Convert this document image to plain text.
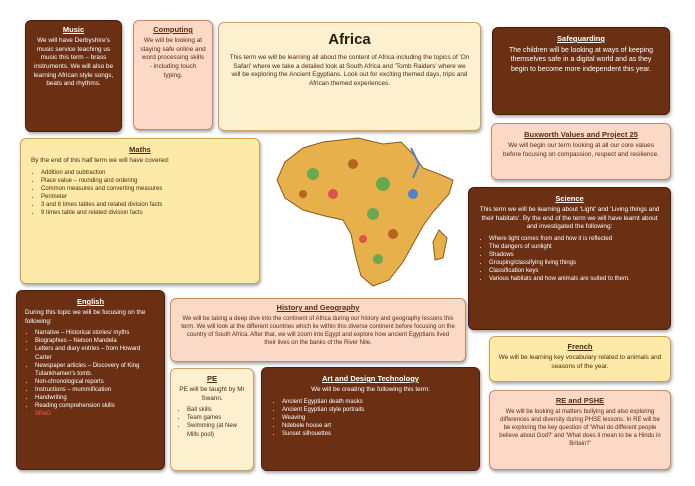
Music
We will have Derbyshire's music service teaching us music this term – brass instruments. We will also be learning African style songs, beats and rhythms.
Computing
We will be looking at staying safe online and word processing skills - including touch typing.
Africa
This term we will be learning all about the content of Africa including the topics of 'On Safari' where we take a detailed look at South Africa and 'Tomb Raiders' where we will be exploring the Ancient Egyptians. Look out for exciting themed days, trips and African themed experiences.
Safeguarding
The children will be looking at ways of keeping themselves safe in a digital world and as they begin to become more independent this year.
Buxworth Values and Project 25
We will begin our term looking at all our core values before focusing on compassion, respect and resilience.
Maths
By the end of this half term we will have covered:
• Addition and subtraction
• Place value – rounding and ordering
• Common measures and converting measures
• Perimeter
• 3 and 6 times tables and related division facts
• 9 times table and related division facts
Science
This term we will be learning about 'Light' and 'Living things and their habitats'. By the end of the term we will have learnt about and investigated the following:
• Where light comes from and how it is reflected
• The dangers of sunlight
• Shadows
• Grouping/classifying living things
• Classification keys
• Various habitats and how animals are suited to them.
English
During this topic we will be focusing on the following:
• Narrative – Historical stories/ myths
• Biographies – Nelson Mandela
• Letters and diary entries – from Howard Carter
• Newspaper articles – Discovery of King Tutankhamen's tomb.
• Non-chronological reports
• Instructions – mummification
• Handwriting
• Reading comprehension skills
• SPaG
History and Geography
We will be taking a deep dive into the continent of Africa during our history and geography lessons this term. We will look at the different countries which lie within this diverse continent before focusing on the country of South Africa. After that, we will zoom into Egypt and explore how ancient Egyptians lived their lives on the banks of the River Nile.	French
We will be learning key vocabulary related to animals and seasons of the year.
PE
PE will be taught by Mr Swann.
• Ball skills
• Team games
• Swimming (at New Mills pool)
Art and Design Technology
We will be creating the following this term:
• Ancient Egyptian death masks
• Ancient Egyptian style portraits
• Weaving
• Ndebele house art
• Sunset silhouettes
RE and PSHE
We will be looking at matters bullying and also exploring differences and diversity during PHSE lessons. In RE will be be exploring the key question of 'What do different people believe about God?' and 'What does it mean to be a Hindu in Britain?'
